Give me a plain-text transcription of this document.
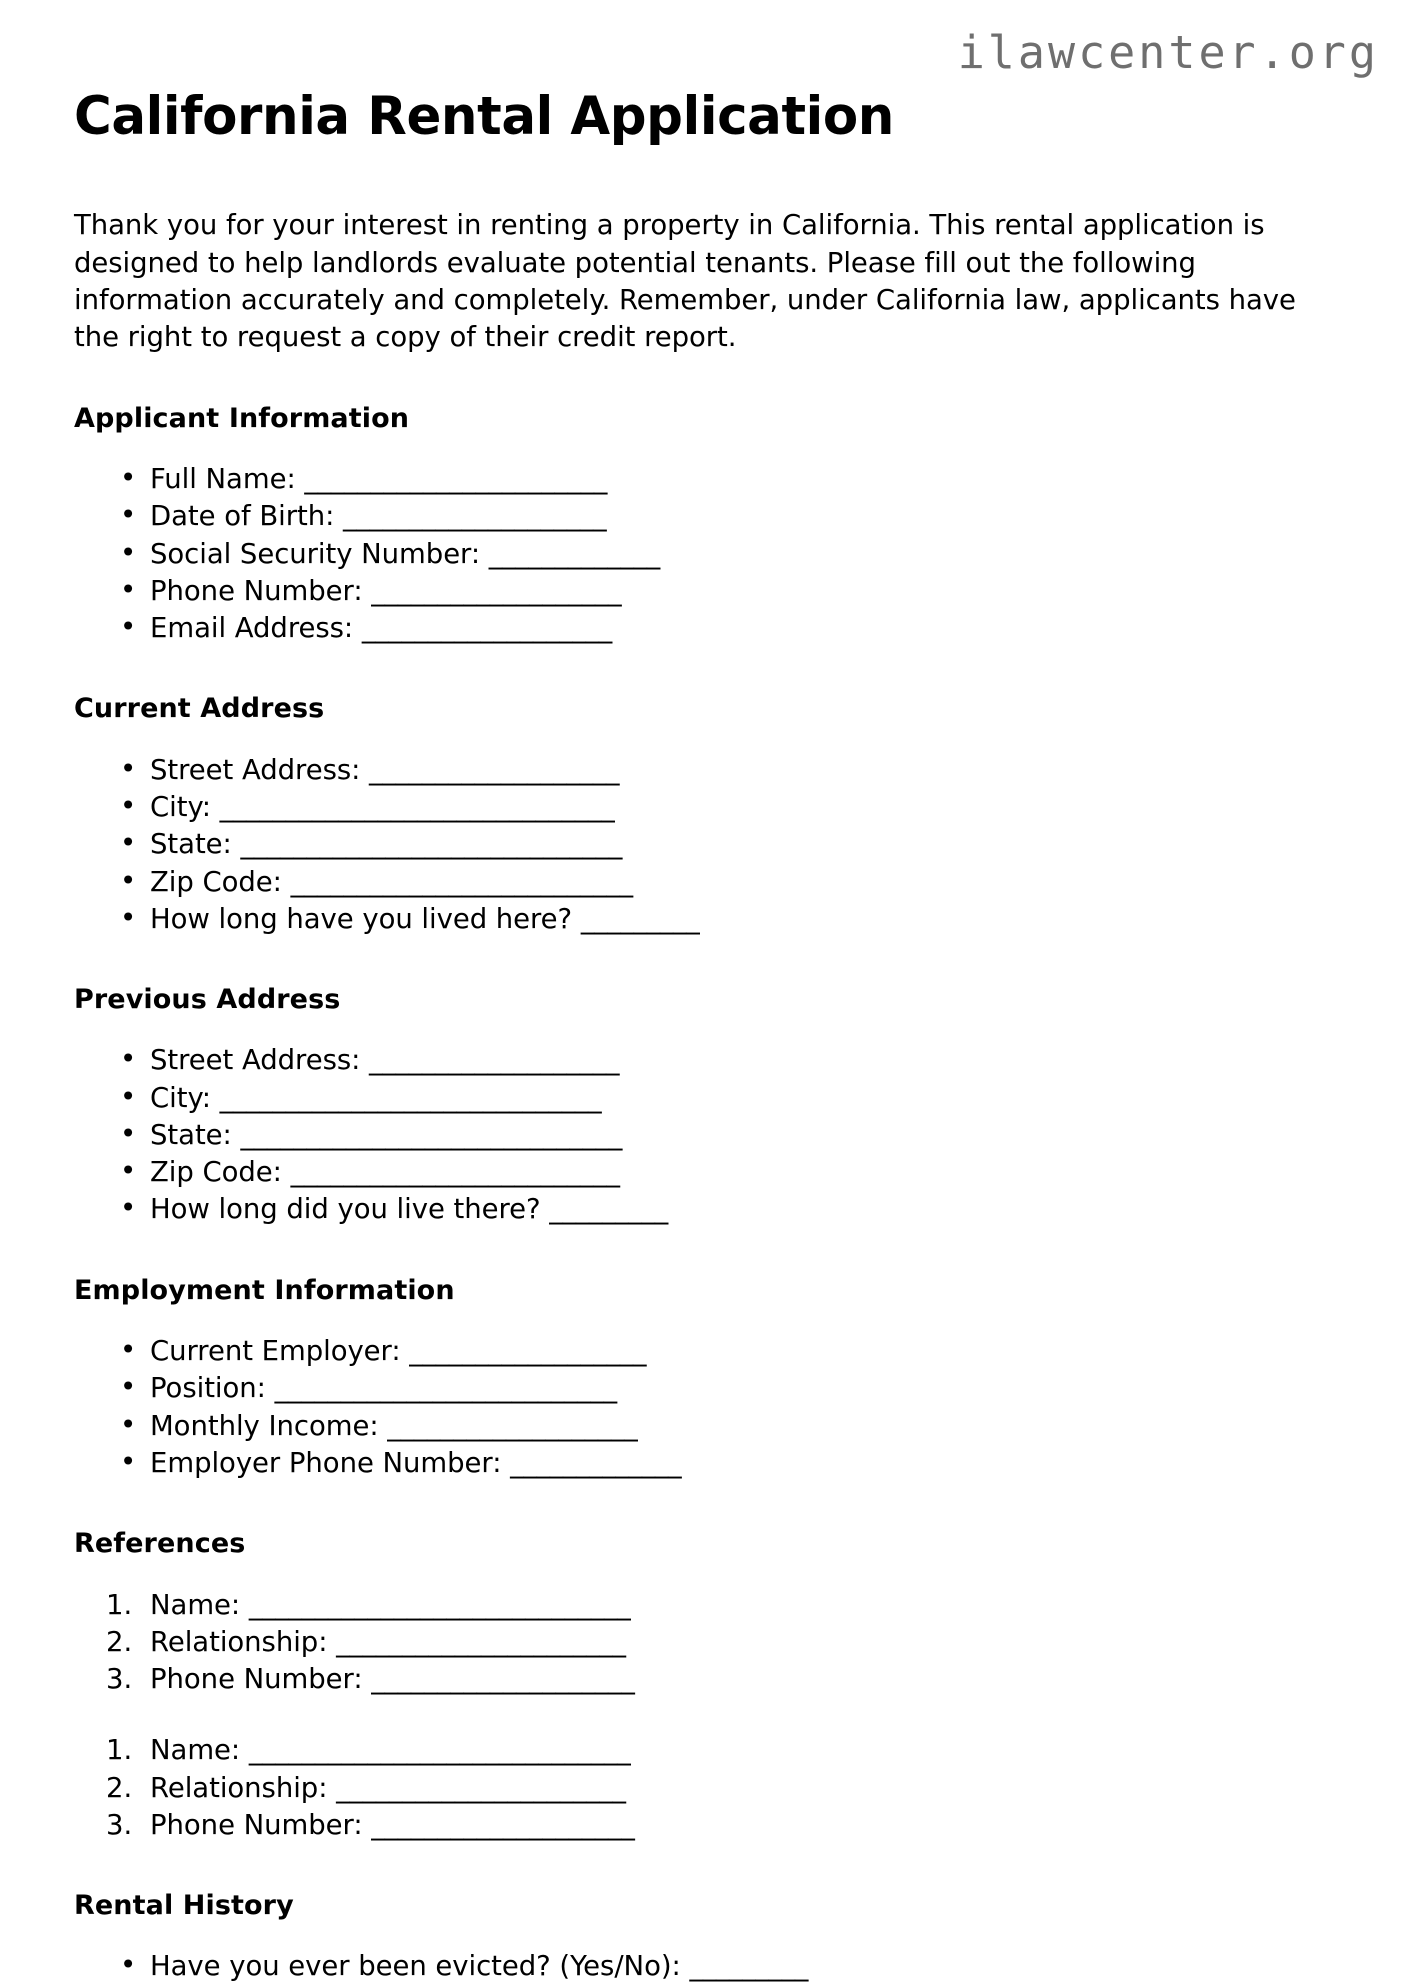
ilawcenter.org
California Rental Application

Thank you for your interest in renting a property in California. This rental application is designed to help landlords evaluate potential tenants. Please fill out the following information accurately and completely. Remember, under California law, applicants have the right to request a copy of their credit report.

Applicant Information
• Full Name: _______________________
• Date of Birth: ____________________
• Social Security Number: _____________
• Phone Number: ___________________
• Email Address: ___________________
Current Address
• Street Address: ___________________
• City: ______________________________
• State: _____________________________
• Zip Code: __________________________
• How long have you lived here? _________
Previous Address
• Street Address: ___________________
• City: _____________________________
• State: _____________________________
• Zip Code: _________________________
• How long did you live there? _________
Employment Information
• Current Employer: __________________
• Position: __________________________
• Monthly Income: ___________________
• Employer Phone Number: _____________
References
1. Name: _____________________________
2. Relationship: ______________________
3. Phone Number: ____________________
1. Name: _____________________________
2. Relationship: ______________________
3. Phone Number: ____________________
Rental History
• Have you ever been evicted? (Yes/No): _________
